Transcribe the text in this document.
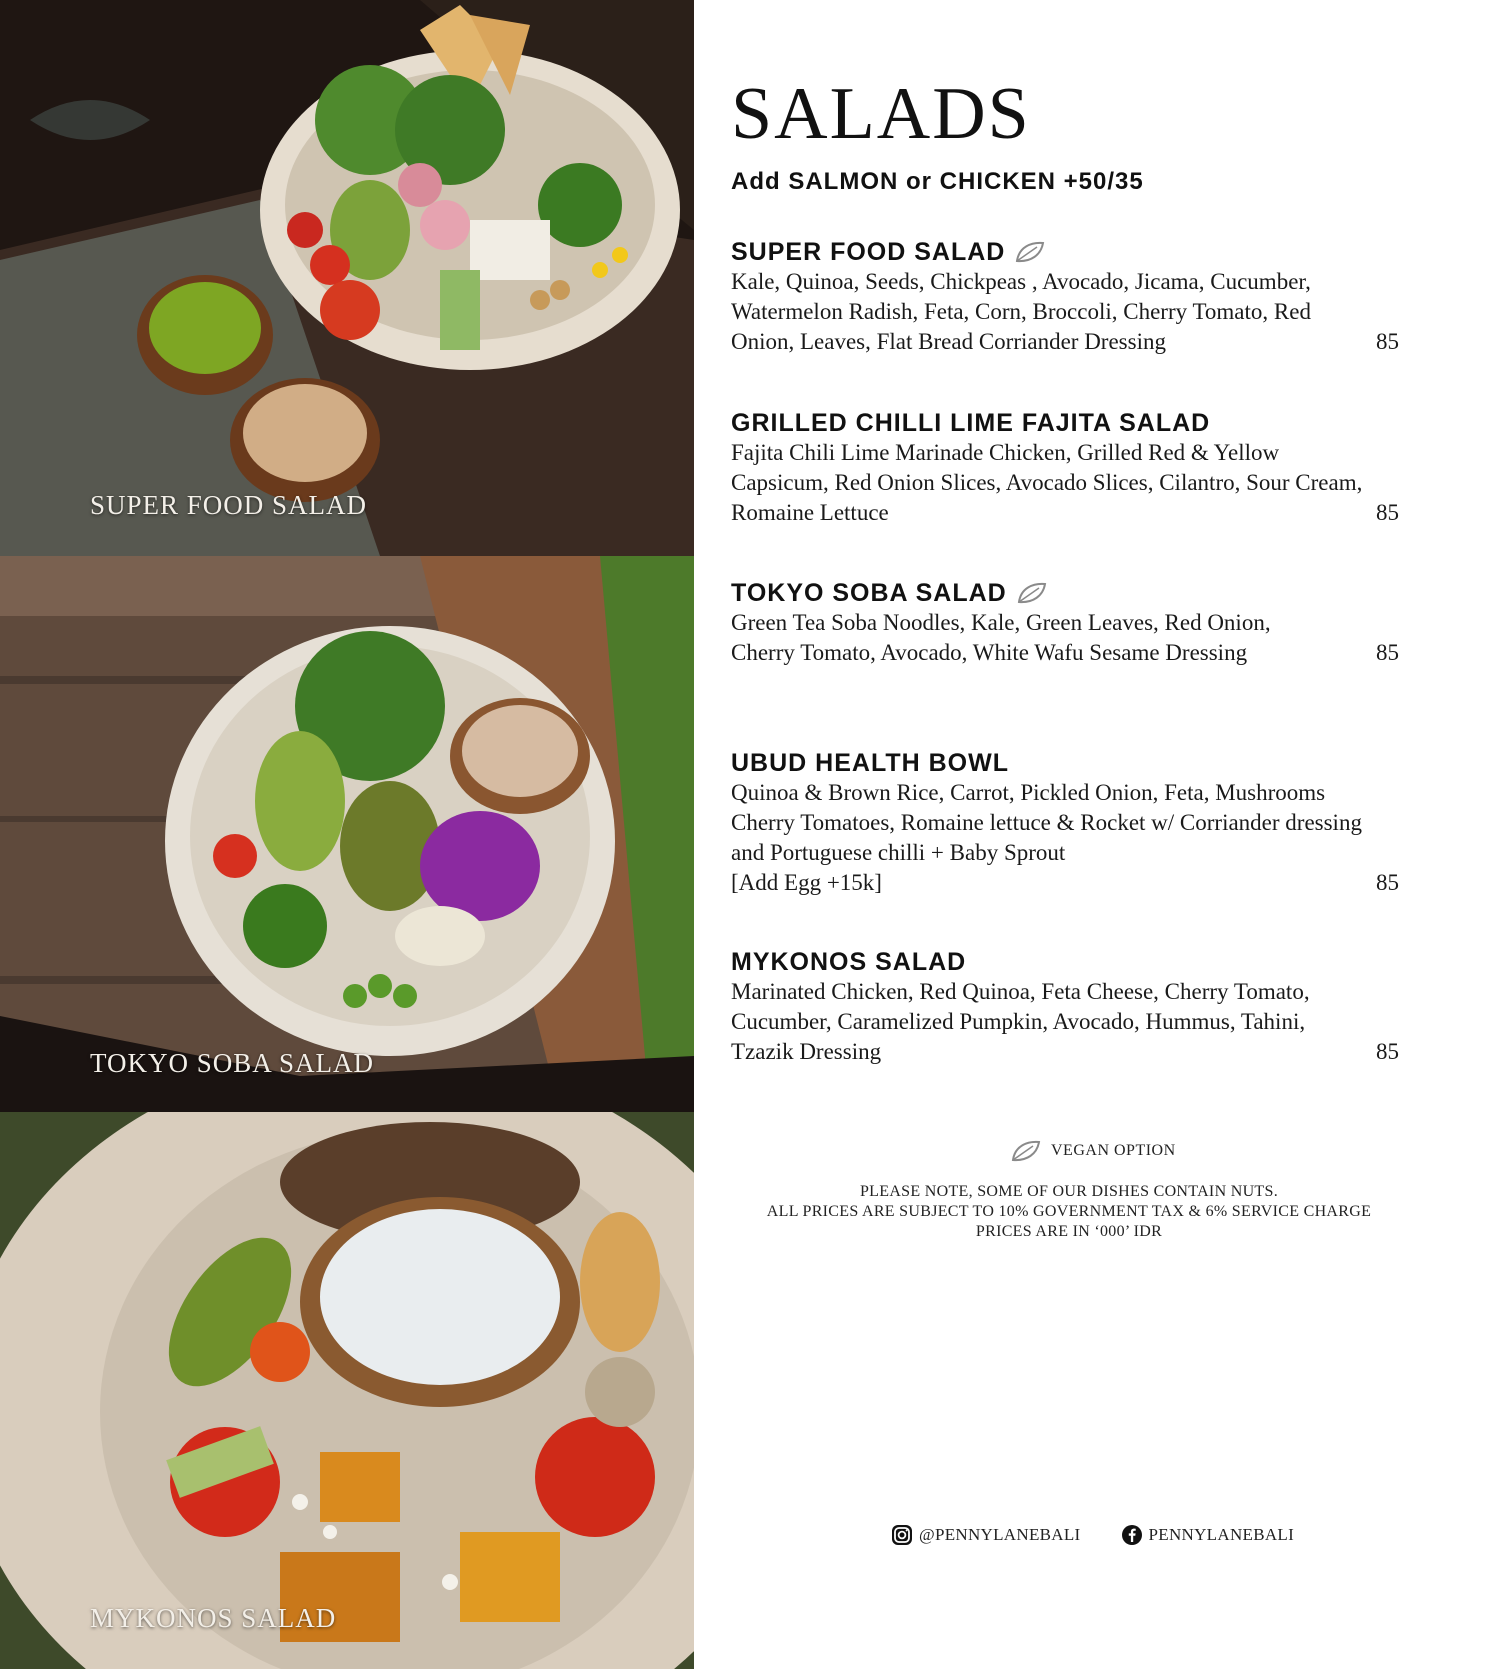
SUPER FOOD SALAD
TOKYO SOBA SALAD
MYKONOS SALAD
SALADS
Add SALMON or CHICKEN +50/35
SUPER FOOD SALAD
Kale, Quinoa, Seeds, Chickpeas , Avocado, Jicama, Cucumber,
Watermelon Radish, Feta, Corn, Broccoli, Cherry Tomato, Red
Onion, Leaves, Flat Bread Corriander Dressing	85
GRILLED CHILLI LIME FAJITA SALAD
Fajita Chili Lime Marinade Chicken, Grilled Red & Yellow
Capsicum, Red Onion Slices, Avocado Slices, Cilantro, Sour Cream,
Romaine Lettuce	85
TOKYO SOBA SALAD
Green Tea Soba Noodles, Kale, Green Leaves, Red Onion,
Cherry Tomato, Avocado, White Wafu Sesame Dressing	85
UBUD HEALTH BOWL
Quinoa & Brown Rice, Carrot, Pickled Onion, Feta, Mushrooms
Cherry Tomatoes, Romaine lettuce & Rocket w/ Corriander dressing
and Portuguese chilli + Baby Sprout
[Add Egg +15k]	85
MYKONOS SALAD
Marinated Chicken, Red Quinoa, Feta Cheese, Cherry Tomato,
Cucumber, Caramelized Pumpkin, Avocado, Hummus, Tahini,
Tzazik Dressing	85
VEGAN OPTION
PLEASE NOTE, SOME OF OUR DISHES CONTAIN NUTS.
ALL PRICES ARE SUBJECT TO 10% GOVERNMENT TAX & 6% SERVICE CHARGE
PRICES ARE IN ‘000’ IDR
@PENNYLANEBALI	PENNYLANEBALI
